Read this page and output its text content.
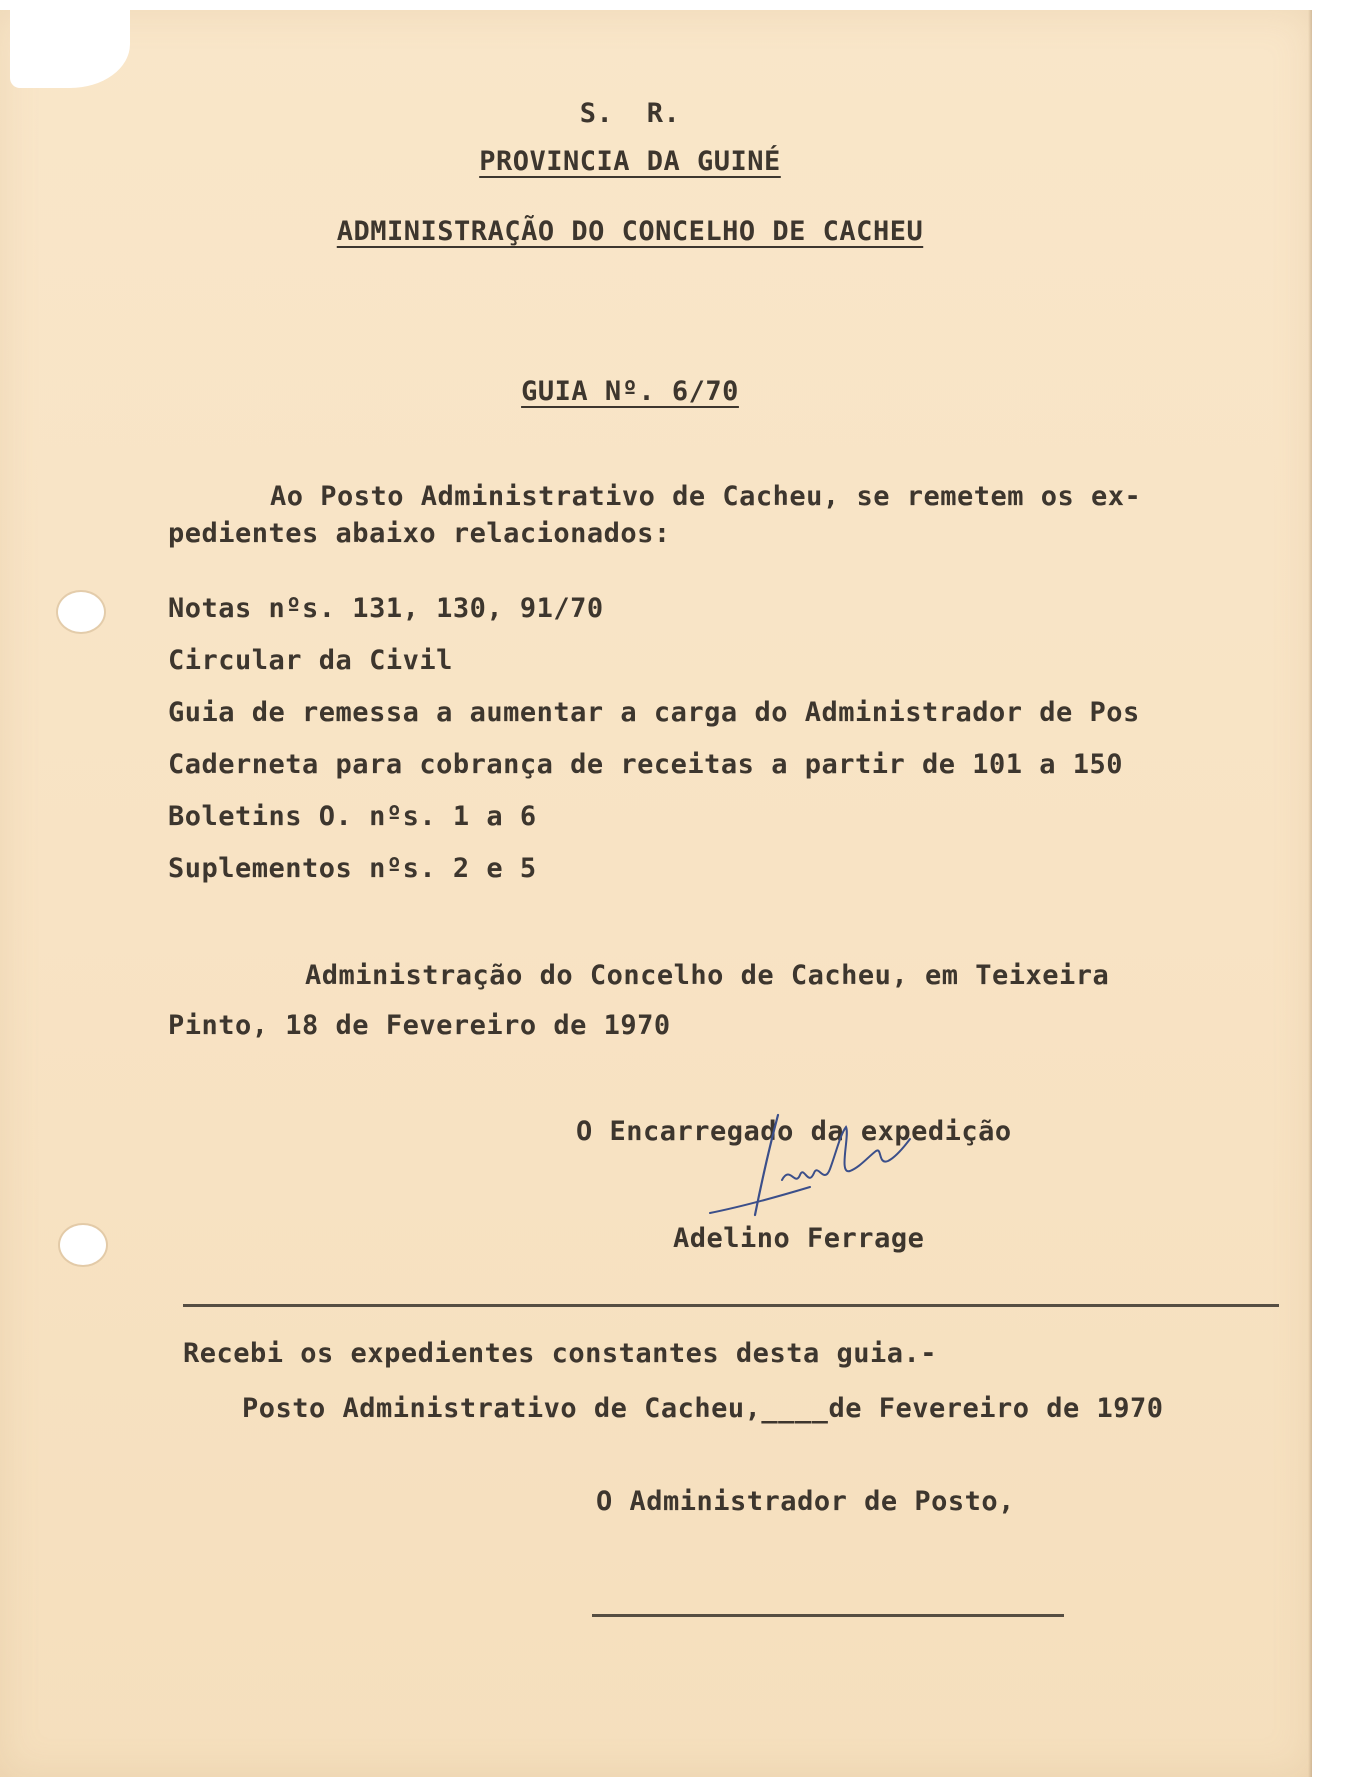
S.  R.
PROVINCIA DA GUINÉ
ADMINISTRAÇÃO DO CONCELHO DE CACHEU
GUIA Nº. 6/70
Ao Posto Administrativo de Cacheu, se remetem os ex-
pedientes abaixo relacionados:
Notas nºs. 131, 130, 91/70
Circular da Civil
Guia de remessa a aumentar a carga do Administrador de Pos
Caderneta para cobrança de receitas a partir de 101 a 150
Boletins O. nºs. 1 a 6
Suplementos nºs. 2 e 5
Administração do Concelho de Cacheu, em Teixeira
Pinto, 18 de Fevereiro de 1970
O Encarregado da expedição
Adelino Ferrage
Recebi os expedientes constantes desta guia.-
Posto Administrativo de Cacheu,____de Fevereiro de 1970
O Administrador de Posto,
